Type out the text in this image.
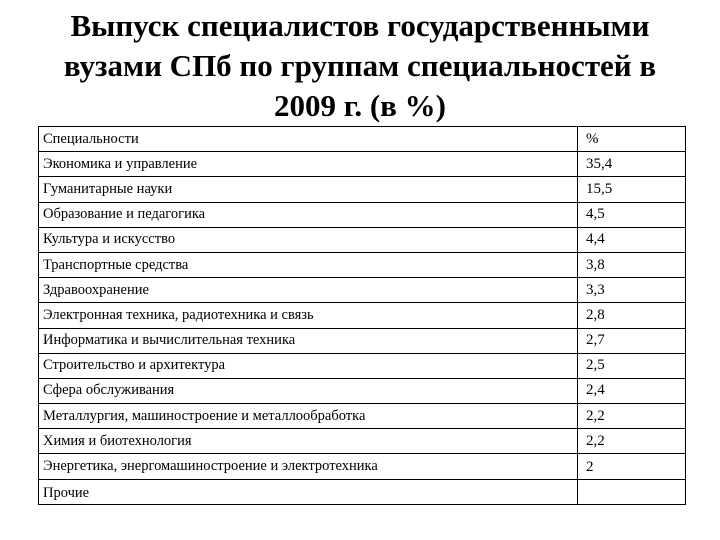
Выпуск специалистов государственными
вузами СПб по группам специальностей в
2009 г. (в %)
Специальности	%
Экономика и управление	35,4
Гуманитарные науки	15,5
Образование и педагогика	4,5
Культура и искусство	4,4
Транспортные средства	3,8
Здравоохранение	3,3
Электронная техника, радиотехника и связь	2,8
Информатика и вычислительная техника	2,7
Строительство и архитектура	2,5
Сфера обслуживания	2,4
Металлургия, машиностроение и металлообработка	2,2
Химия и биотехнология	2,2
Энергетика, энергомашиностроение и электротехника	2
Прочие	
